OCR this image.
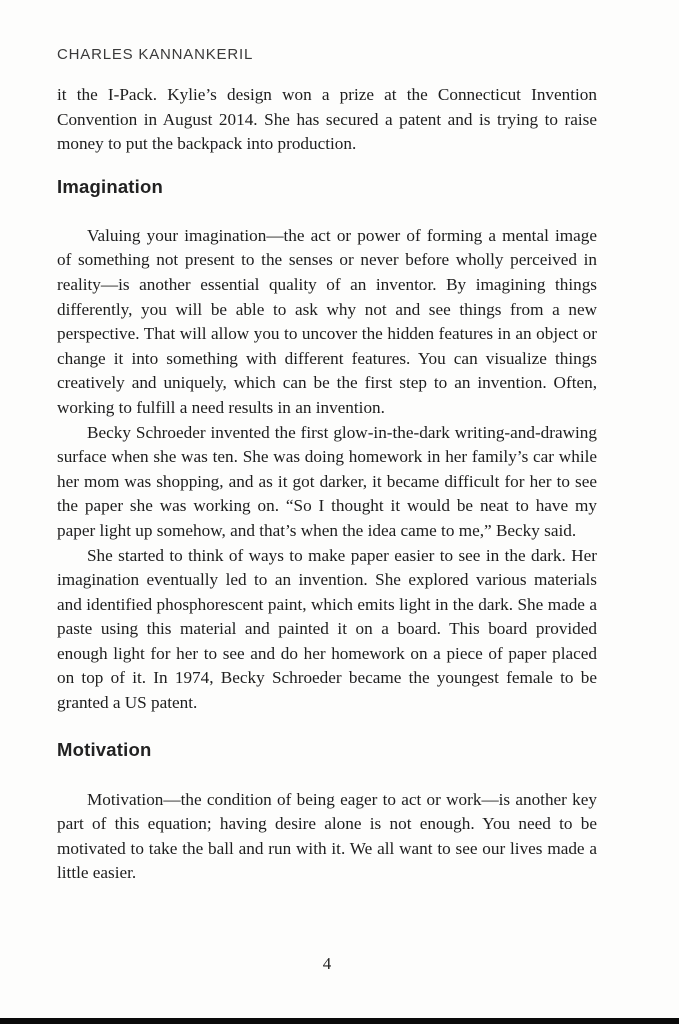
CHARLES KANNANKERIL

it the I-Pack. Kylie’s design won a prize at the Connecticut Invention Convention in August 2014. She has secured a patent and is trying to raise money to put the backpack into production.

Imagination

Valuing your imagination—the act or power of forming a mental image of something not present to the senses or never before wholly perceived in reality—is another essential quality of an inventor. By imagining things differently, you will be able to ask why not and see things from a new perspective. That will allow you to uncover the hidden features in an object or change it into something with different features. You can visualize things creatively and uniquely, which can be the first step to an invention. Often, working to fulfill a need results in an invention.

Becky Schroeder invented the first glow-in-the-dark writing-and-drawing surface when she was ten. She was doing homework in her family’s car while her mom was shopping, and as it got darker, it became difficult for her to see the paper she was working on. “So I thought it would be neat to have my paper light up somehow, and that’s when the idea came to me,” Becky said.

She started to think of ways to make paper easier to see in the dark. Her imagination eventually led to an invention. She explored various materials and identified phosphorescent paint, which emits light in the dark. She made a paste using this material and painted it on a board. This board provided enough light for her to see and do her homework on a piece of paper placed on top of it. In 1974, Becky Schroeder became the youngest female to be granted a US patent.

Motivation

Motivation—the condition of being eager to act or work—is another key part of this equation; having desire alone is not enough. You need to be motivated to take the ball and run with it. We all want to see our lives made a little easier.

4
